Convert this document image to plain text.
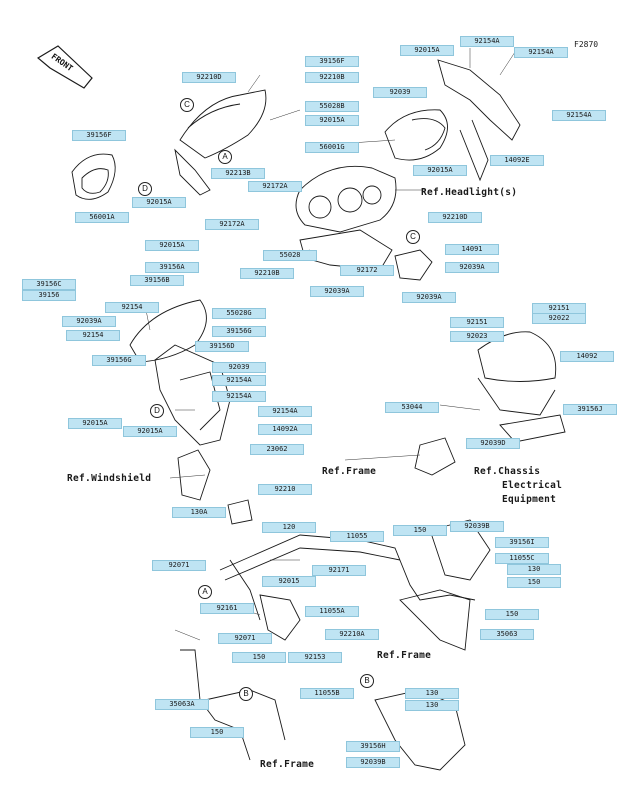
F2870
FRONT
Ref.Headlight(s)
Ref.Windshield
Ref.Frame	Ref.Chassis
Electrical
Equipment
Ref.Frame
Ref.Frame
C
A
D
C
D
A
B
B
39156F
92015A
92154A
92154A
92210D	92210B
92039
55028B
92015A
92154A
39156F
56001G
56001A
92015A
92213B
92172A
92015A
92172A
14092E
92015A
92210D
14091
55028
92172	92039A
92210B
92039A
92039A
39156A
39156B
39156C
39156
92154
55028G
92039A
39156G
92154
39156D
39156G
92039
92154A
92154A
92015A
92015A
92154A
14092A
92151
92022
92151
92023
14092
53044	39156J
92039D
23062
92210
130A
120
11055
150	92039B
39156I
92071
92171
11055C
92015
130
150
92161	11055A
92071	92210A
150	92153
150
35063
11055B	130
35063A	130
150
39156H
92039B
